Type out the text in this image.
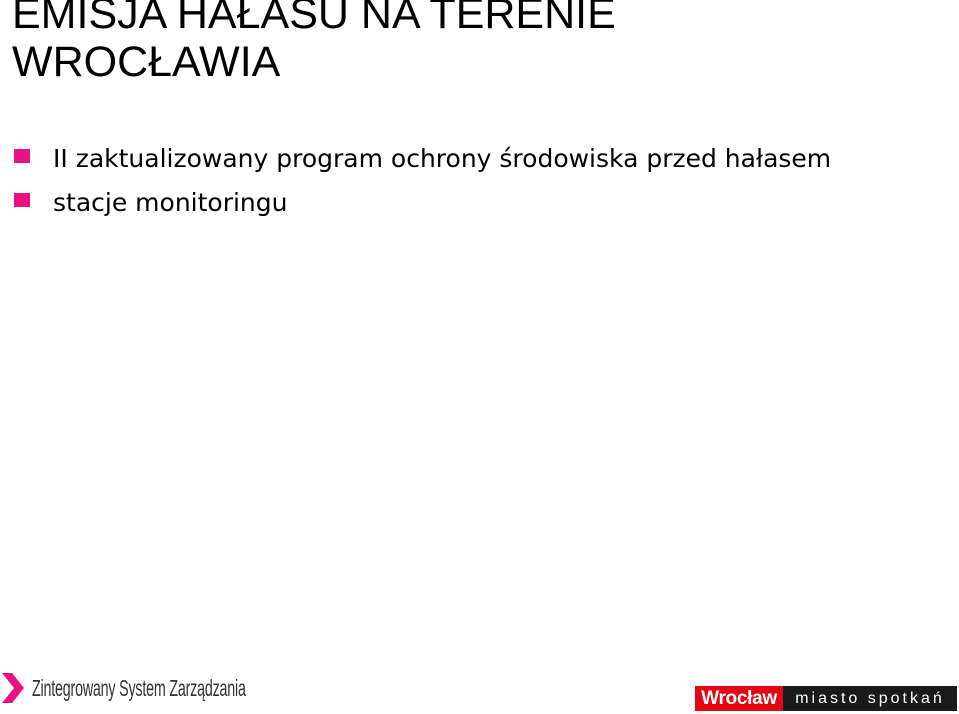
EMISJA HAŁASU NA TERENIE
WROCŁAWIA
II zaktualizowany program ochrony środowiska przed hałasem
stacje monitoringu
Zintegrowany System Zarządzania	Wrocław	miasto spotkań
